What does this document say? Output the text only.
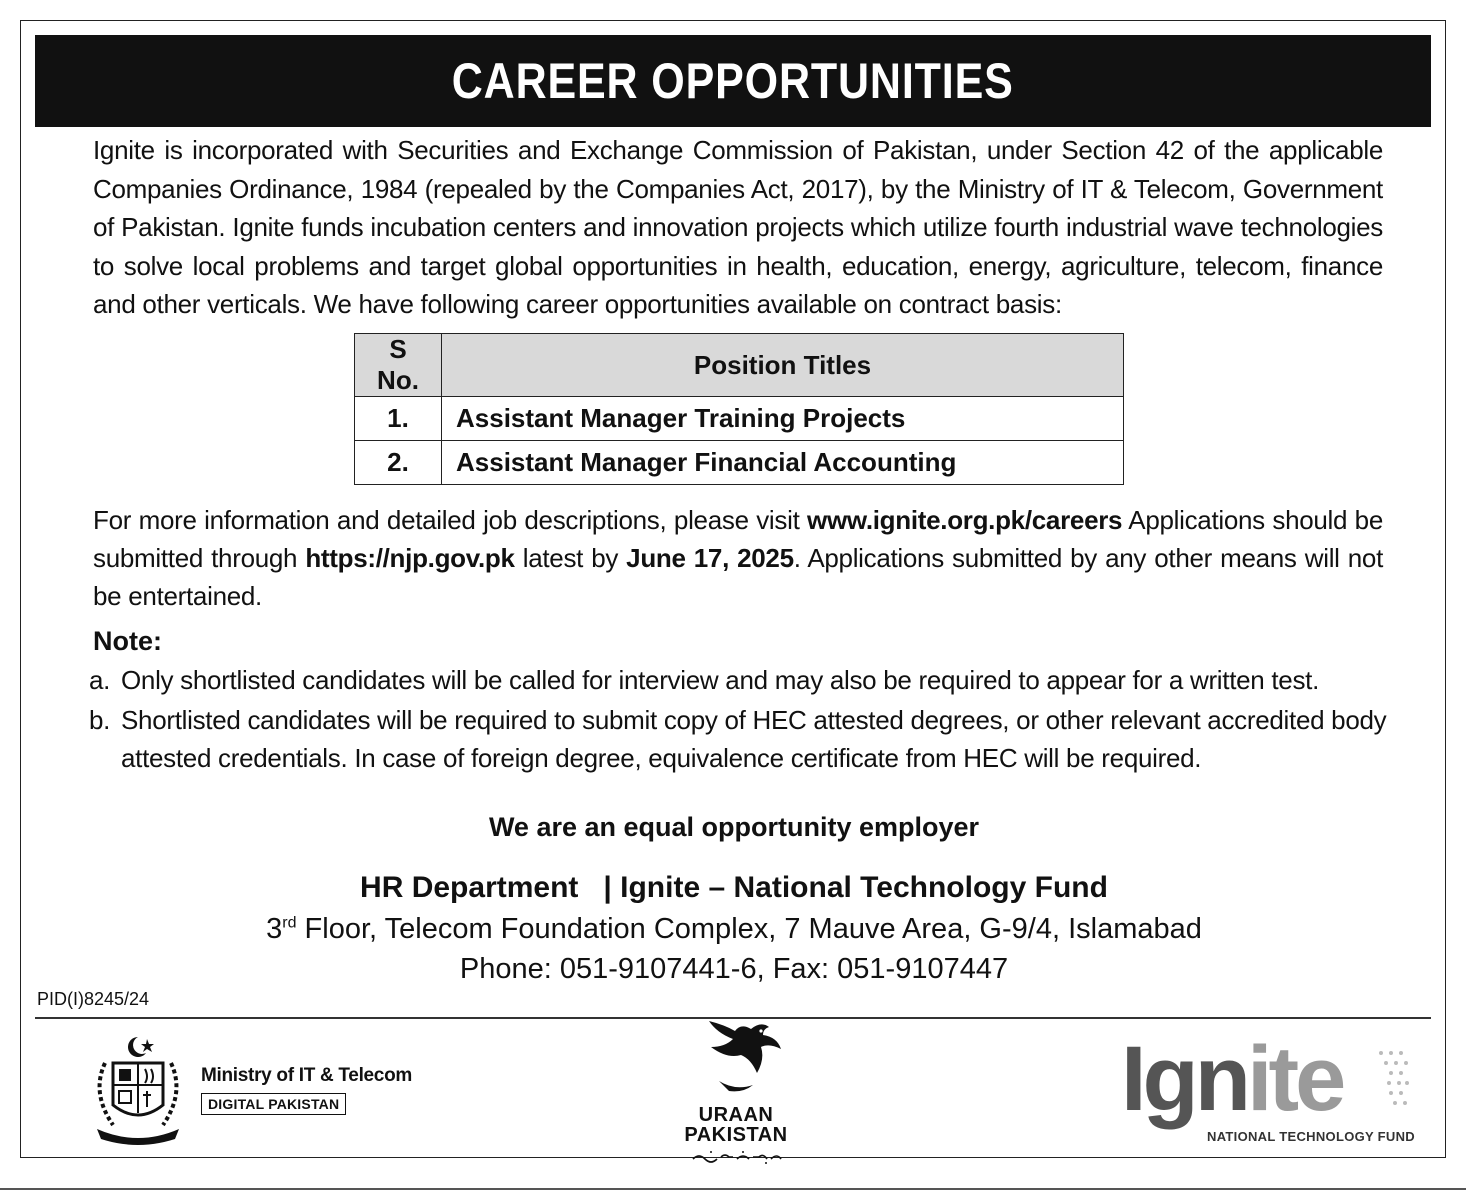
CAREER OPPORTUNITIES

Ignite is incorporated with Securities and Exchange Commission of Pakistan, under Section 42 of the applicable Companies Ordinance, 1984 (repealed by the Companies Act, 2017), by the Ministry of IT & Telecom, Government of Pakistan. Ignite funds incubation centers and innovation projects which utilize fourth industrial wave technologies to solve local problems and target global opportunities in health, education, energy, agriculture, telecom, finance and other verticals. We have following career opportunities available on contract basis:

S No.	Position Titles
1.	Assistant Manager Training Projects
2.	Assistant Manager Financial Accounting

For more information and detailed job descriptions, please visit www.ignite.org.pk/careers Applications should be submitted through https://njp.gov.pk latest by June 17, 2025. Applications submitted by any other means will not be entertained.

Note:
a. Only shortlisted candidates will be called for interview and may also be required to appear for a written test.
b. Shortlisted candidates will be required to submit copy of HEC attested degrees, or other relevant accredited body
attested credentials. In case of foreign degree, equivalence certificate from HEC will be required.
We are an equal opportunity employer
HR Department   | Ignite – National Technology Fund
3rd Floor, Telecom Foundation Complex, 7 Mauve Area, G-9/4, Islamabad
Phone: 051-9107441-6, Fax: 051-9107447
PID(I)8245/24
Ministry of IT & Telecom
DIGITAL PAKISTAN	URAAN
PAKISTAN
Ignite
NATIONAL TECHNOLOGY FUND
